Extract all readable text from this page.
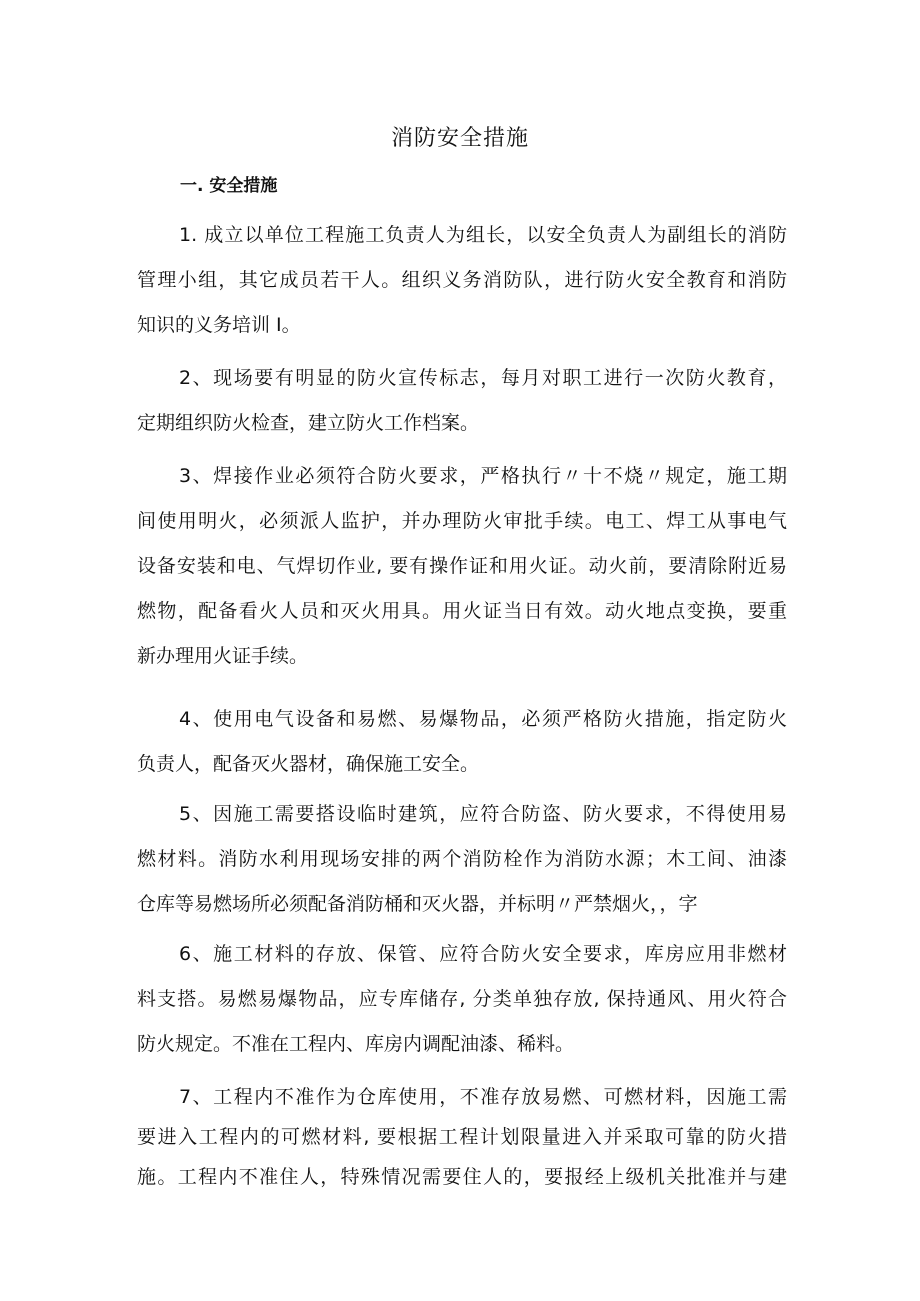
消防安全措施
一. 安全措施
1. 成立以单位工程施工负责人为组长，以安全负责人为副组长的消防
管理小组，其它成员若干人。组织义务消防队，进行防火安全教育和消防
知识的义务培训 I。
2、现场要有明显的防火宣传标志，每月对职工进行一次防火教育，
定期组织防火检查，建立防火工作档案。
3、焊接作业必须符合防火要求，严格执行〃十不烧〃规定，施工期
间使用明火，必须派人监护，并办理防火审批手续。电工、焊工从事电气
设备安装和电、气焊切作业, 要有操作证和用火证。动火前，要清除附近易
燃物，配备看火人员和灭火用具。用火证当日有效。动火地点变换，要重
新办理用火证手续。
4、使用电气设备和易燃、易爆物品，必须严格防火措施，指定防火
负责人，配备灭火器材，确保施工安全。
5、因施工需要搭设临时建筑，应符合防盗、防火要求，不得使用易
燃材料。消防水利用现场安排的两个消防栓作为消防水源；木工间、油漆
仓库等易燃场所必须配备消防桶和灭火器，并标明〃严禁烟火，，字
6、施工材料的存放、保管、应符合防火安全要求，库房应用非燃材
料支搭。易燃易爆物品，应专库储存, 分类单独存放, 保持通风、用火符合
防火规定。不准在工程内、库房内调配油漆、稀料。
7、工程内不准作为仓库使用，不准存放易燃、可燃材料，因施工需
要进入工程内的可燃材料, 要根据工程计划限量进入并采取可靠的防火措
施。工程内不准住人，特殊情况需要住人的，要报经上级机关批准并与建
